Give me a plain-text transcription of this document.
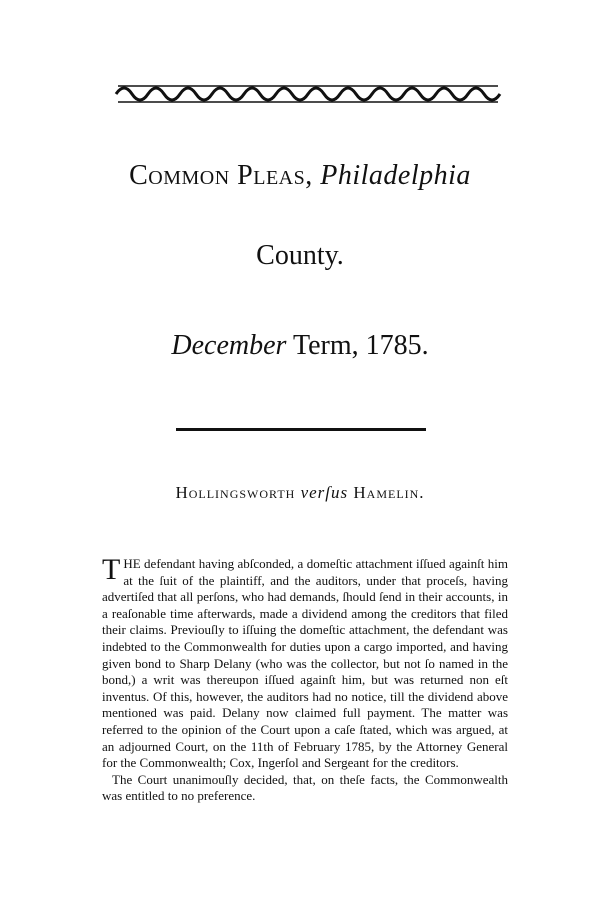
Common Pleas, Philadelphia
County.
December Term, 1785.
Hollingsworth verſus Hamelin.

THE defendant having abſconded, a domeſtic attachment iſſued againſt him at the ſuit of the plaintiff, and the auditors, under that proceſs, having advertiſed that all perſons, who had demands, ſhould ſend in their accounts, in a reaſonable time afterwards, made a dividend among the creditors that filed their claims. Previouſly to iſſuing the domeſtic attachment, the defendant was indebted to the Commonwealth for duties upon a cargo imported, and having given bond to Sharp Delany (who was the collector, but not ſo named in the bond,) a writ was thereupon iſſued againſt him, but was returned non eſt inventus. Of this, however, the auditors had no notice, till the dividend above mentioned was paid. Delany now claimed full payment. The matter was referred to the opinion of the Court upon a caſe ſtated, which was argued, at an adjourned Court, on the 11th of February 1785, by the Attorney General for the Commonwealth; Cox, Ingerſol and Sergeant for the creditors.

The Court unanimouſly decided, that, on theſe facts, the Commonwealth was entitled to no preference.
